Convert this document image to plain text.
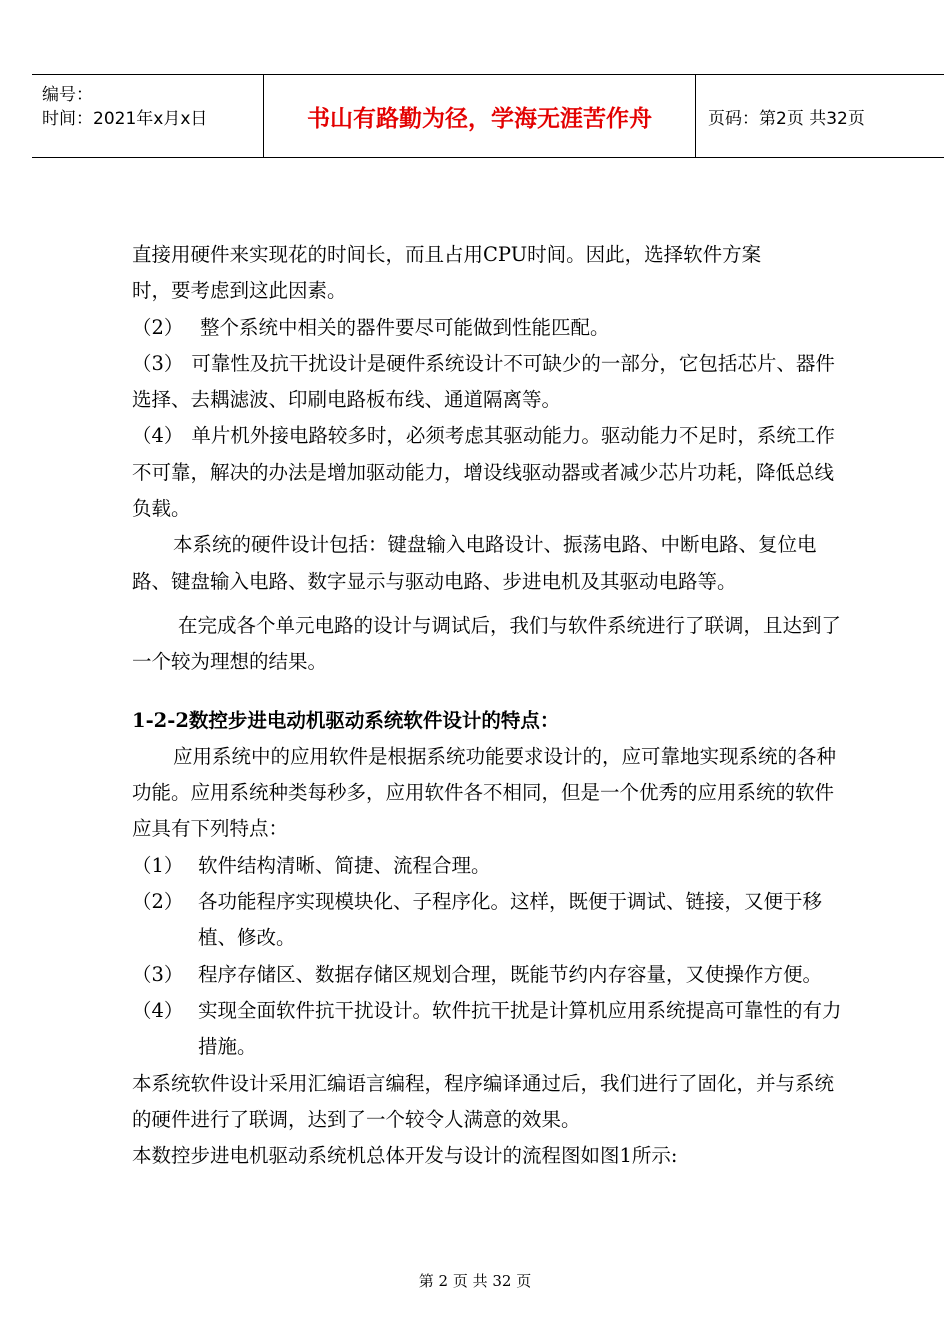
编号：
时间：2021年x月x日	书山有路勤为径，学海无涯苦作舟	页码：第2页 共32页

直接用硬件来实现花的时间长，而且占用CPU时间。因此，选择软件方案

时，要考虑到这此因素。

（2） 整个系统中相关的器件要尽可能做到性能匹配。

（3） 可靠性及抗干扰设计是硬件系统设计不可缺少的一部分，它包括芯片、器件选择、去耦滤波、印刷电路板布线、通道隔离等。

（4） 单片机外接电路较多时，必须考虑其驱动能力。驱动能力不足时，系统工作不可靠，解决的办法是增加驱动能力，增设线驱动器或者减少芯片功耗，降低总线负载。

本系统的硬件设计包括：键盘输入电路设计、振荡电路、中断电路、复位电路、键盘输入电路、数字显示与驱动电路、步进电机及其驱动电路等。

在完成各个单元电路的设计与调试后，我们与软件系统进行了联调，且达到了一个较为理想的结果。

1-2-2数控步进电动机驱动系统软件设计的特点：

应用系统中的应用软件是根据系统功能要求设计的，应可靠地实现系统的各种功能。应用系统种类每秒多，应用软件各不相同，但是一个优秀的应用系统的软件应具有下列特点：

（1） 软件结构清晰、简捷、流程合理。
（2） 各功能程序实现模块化、子程序化。这样，既便于调试、链接，又便于移植、修改。
（3） 程序存储区、数据存储区规划合理，既能节约内存容量，又使操作方便。
（4） 实现全面软件抗干扰设计。软件抗干扰是计算机应用系统提高可靠性的有力措施。

本系统软件设计采用汇编语言编程，程序编译通过后，我们进行了固化，并与系统的硬件进行了联调，达到了一个较令人满意的效果。

本数控步进电机驱动系统机总体开发与设计的流程图如图1所示:

第 2 页 共 32 页
